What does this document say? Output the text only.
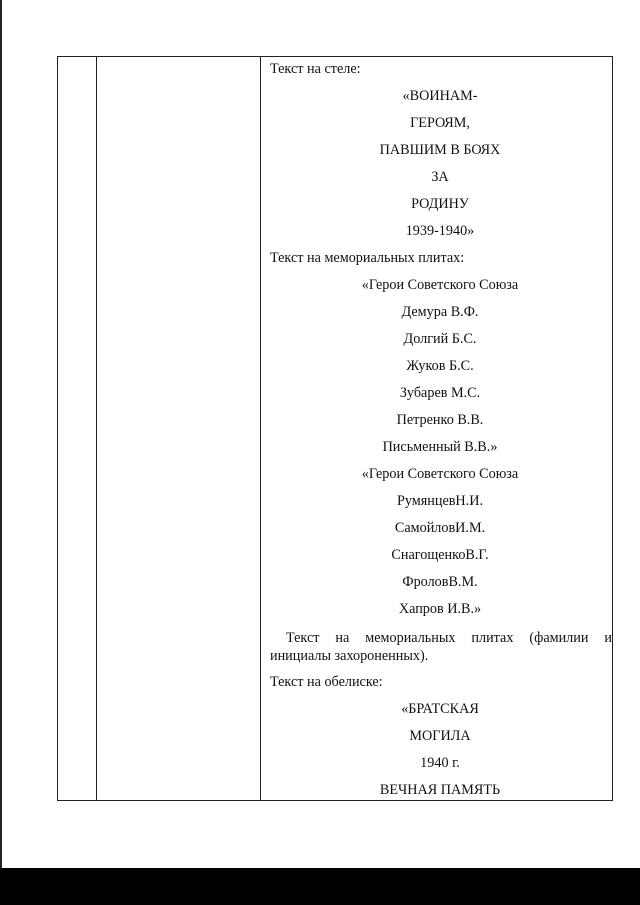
Текст на стеле:
«ВОИНАМ-
ГЕРОЯМ,
ПАВШИМ В БОЯХ
ЗА
РОДИНУ
1939-1940»
Текст на мемориальных плитах:
«Герои Советского Союза
Демура В.Ф.
Долгий Б.С.
Жуков Б.С.
Зубарев М.С.
Петренко В.В.
Письменный В.В.»
«Герои Советского Союза
РумянцевН.И.
СамойловИ.М.
СнагощенкоВ.Г.
ФроловВ.М.
Хапров И.В.»
Текст на мемориальных плитах (фамилии и инициалы захороненных).
Текст на обелиске:
«БРАТСКАЯ
МОГИЛА
1940 г.
ВЕЧНАЯ ПАМЯТЬ
